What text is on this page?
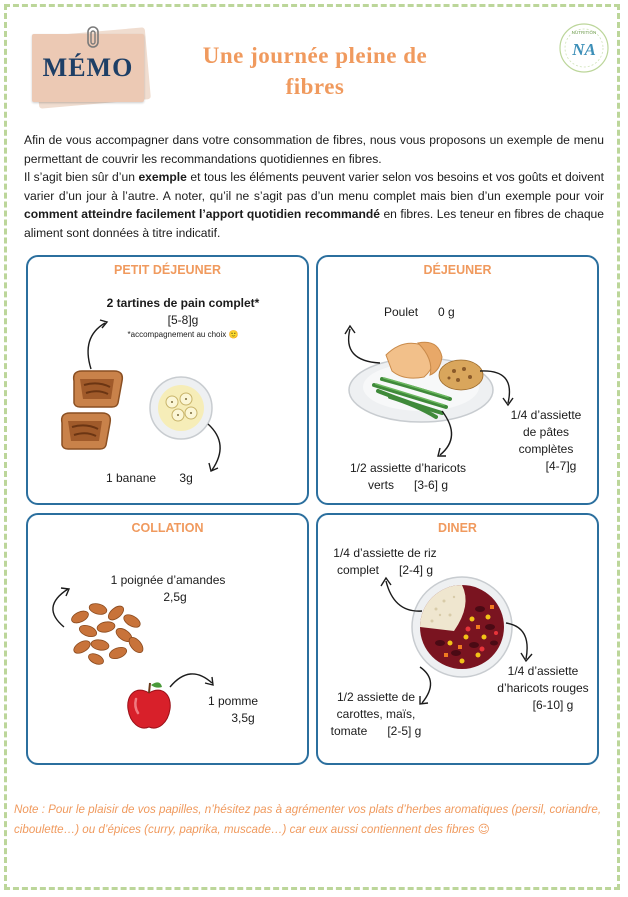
MÉMO	Une journée pleine de
fibres
NUTRITION
NA

Afin de vous accompagner dans votre consommation de fibres, nous vous proposons un exemple de menu permettant de couvrir les recommandations quotidiennes en fibres.

Il s’agit bien sûr d’un exemple et tous les éléments peuvent varier selon vos besoins et vos goûts et doivent varier d’un jour à l’autre. A noter, qu’il ne s’agit pas d’un menu complet mais bien d’un exemple pour voir comment atteindre facilement l’apport quotidien recommandé en fibres. Les teneur en fibres de chaque aliment sont données à titre indicatif.

PETIT DÉJEUNER
2 tartines de pain complet*
[5-8]g
*accompagnement au choix 🙂
1 banane 3g
DÉJEUNER
Poulet 0 g
1/4 d’assiette
de pâtes
complètes
[4-7]g
1/2 assiette d’haricots
verts [3-6] g
COLLATION
1 poignée d’amandes
2,5g
1 pomme
3,5g
DINER
1/4 d’assiette de riz
complet [2-4] g
1/4 d’assiette
d’haricots rouges
[6-10] g
1/2 assiette de
carottes, maïs,
tomate [2-5] g
Note : Pour le plaisir de vos papilles, n’hésitez pas à agrémenter vos plats d’herbes aromatiques (persil, coriandre, ciboulette…) ou d’épices (curry, paprika, muscade…) car eux aussi contiennent des fibres 😉
